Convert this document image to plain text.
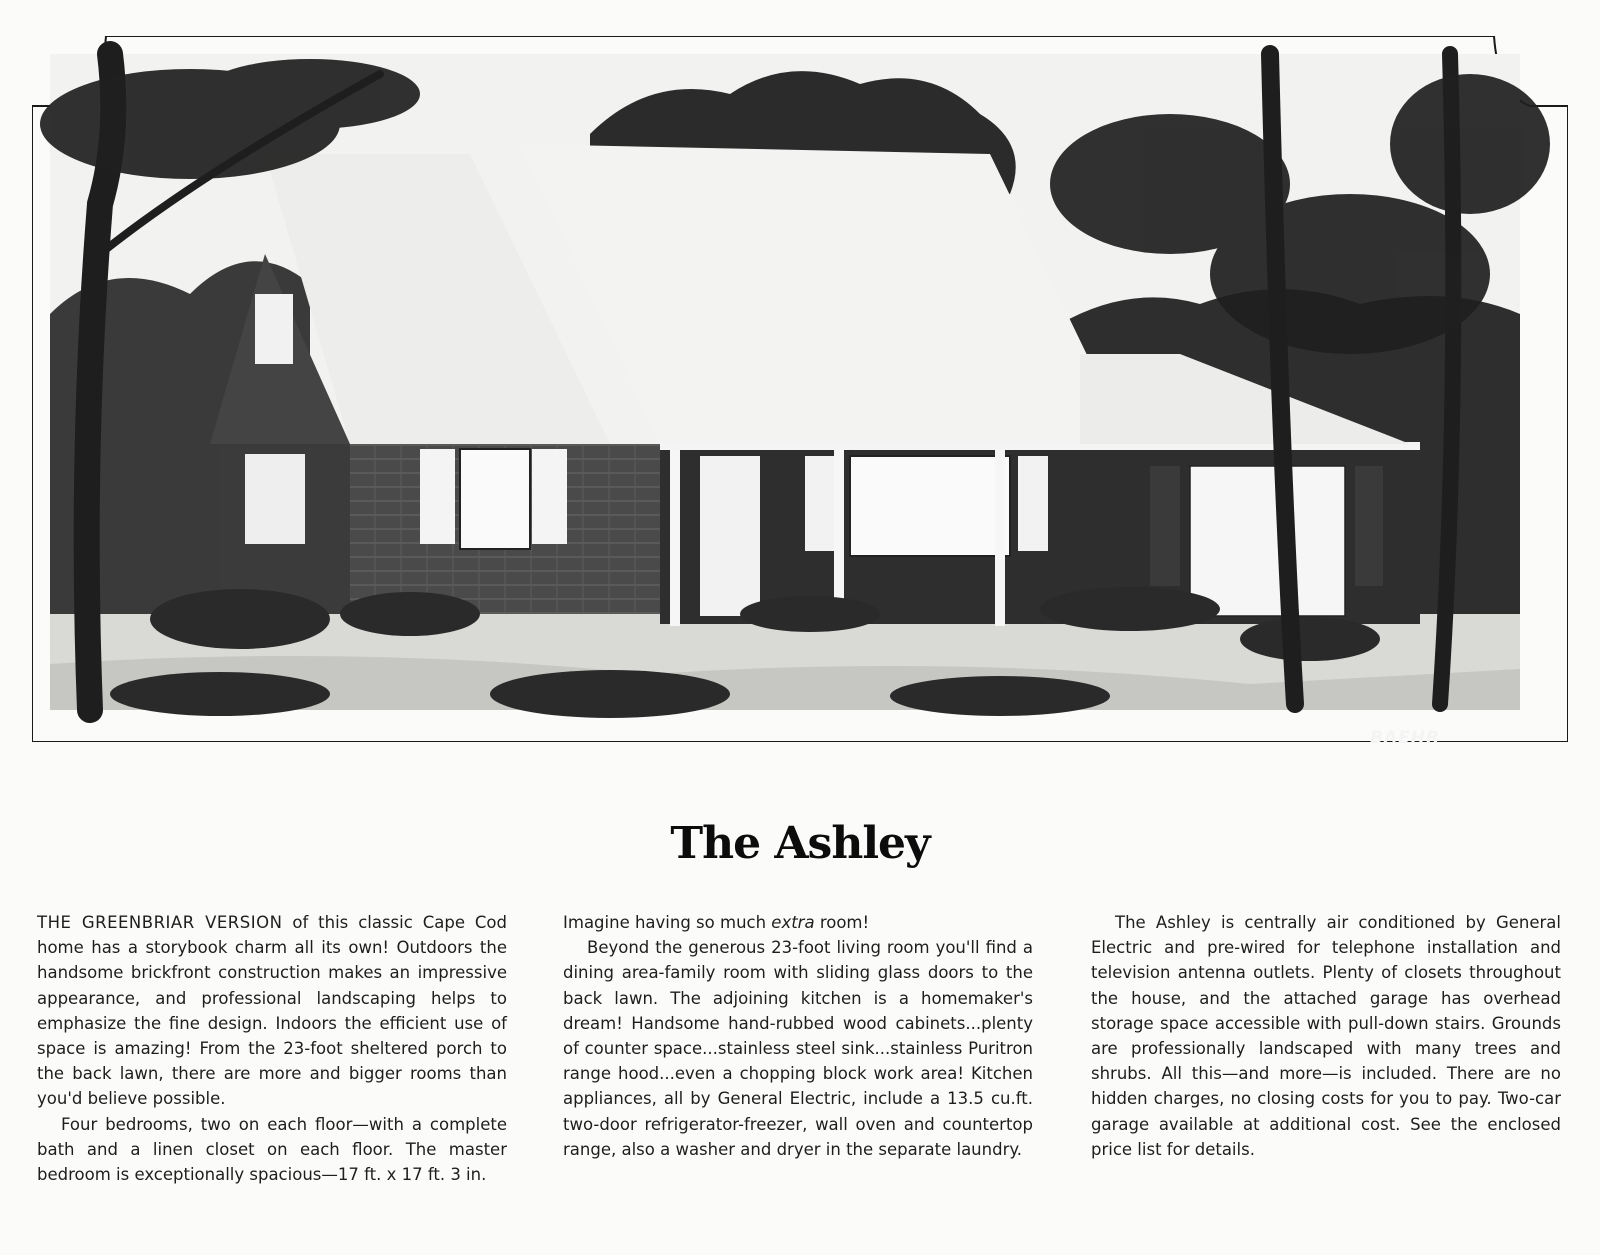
BAEHR
The Ashley

THE GREENBRIAR VERSION of this classic Cape Cod home has a storybook charm all its own! Outdoors the handsome brickfront construction makes an impressive appearance, and professional landscaping helps to emphasize the fine design. Indoors the efficient use of space is amazing! From the 23-foot sheltered porch to the back lawn, there are more and bigger rooms than you'd believe possible.

Four bedrooms, two on each floor—with a complete bath and a linen closet on each floor. The master bedroom is exceptionally spacious—17 ft. x 17 ft. 3 in.

Imagine having so much extra room!

Beyond the generous 23-foot living room you'll find a dining area-family room with sliding glass doors to the back lawn. The adjoining kitchen is a homemaker's dream! Handsome hand-rubbed wood cabinets...plenty of counter space...stainless steel sink...stainless Puritron range hood...even a chopping block work area! Kitchen appliances, all by General Electric, include a 13.5 cu.ft. two-door refrigerator-freezer, wall oven and countertop range, also a washer and dryer in the separate laundry.

The Ashley is centrally air conditioned by General Electric and pre-wired for telephone installation and television antenna outlets. Plenty of closets throughout the house, and the attached garage has overhead storage space accessible with pull-down stairs. Grounds are professionally landscaped with many trees and shrubs. All this—and more—is included. There are no hidden charges, no closing costs for you to pay. Two-car garage available at additional cost. See the enclosed price list for details.
